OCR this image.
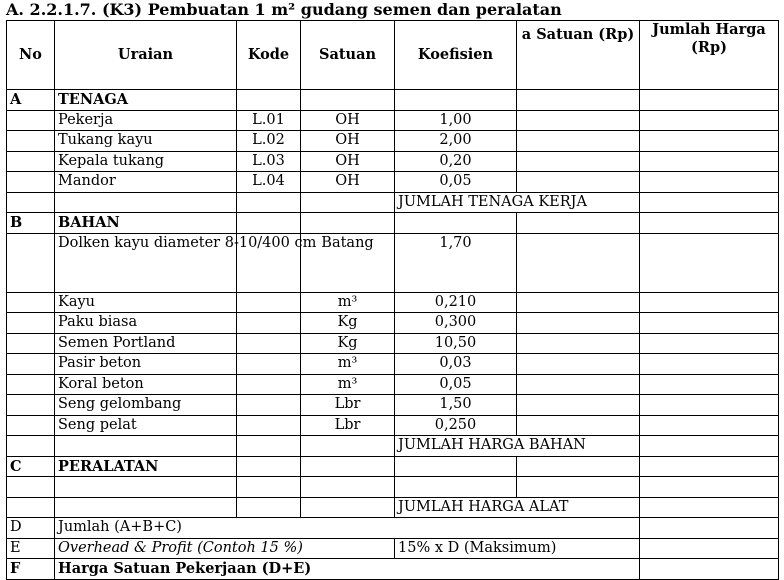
A. 2.2.1.7. (K3) Pembuatan 1 m² gudang semen dan peralatan
No	Uraian	Kode	Satuan	Koefisien	a Satuan (Rp)	Jumlah Harga (Rp)
A	TENAGA					
	Pekerja	L.01	OH	1,00		
	Tukang kayu	L.02	OH	2,00		
	Kepala tukang	L.03	OH	0,20		
	Mandor	L.04	OH	0,05		
				JUMLAH TENAGA KERJA		
B	BAHAN					
	Dolken kayu diameter 8-10/400 cm		Batang	1,70		
	Kayu		m³	0,210		
	Paku biasa		Kg	0,300		
	Semen Portland		Kg	10,50		
	Pasir beton		m³	0,03		
	Koral beton		m³	0,05		
	Seng gelombang		Lbr	1,50		
	Seng pelat		Lbr	0,250		
				JUMLAH HARGA BAHAN		
C	PERALATAN					

				JUMLAH HARGA ALAT		
D	Jumlah (A+B+C)					
E	Overhead & Profit (Contoh 15 %)			15% x D (Maksimum)		
F	Harga Satuan Pekerjaan (D+E)					
